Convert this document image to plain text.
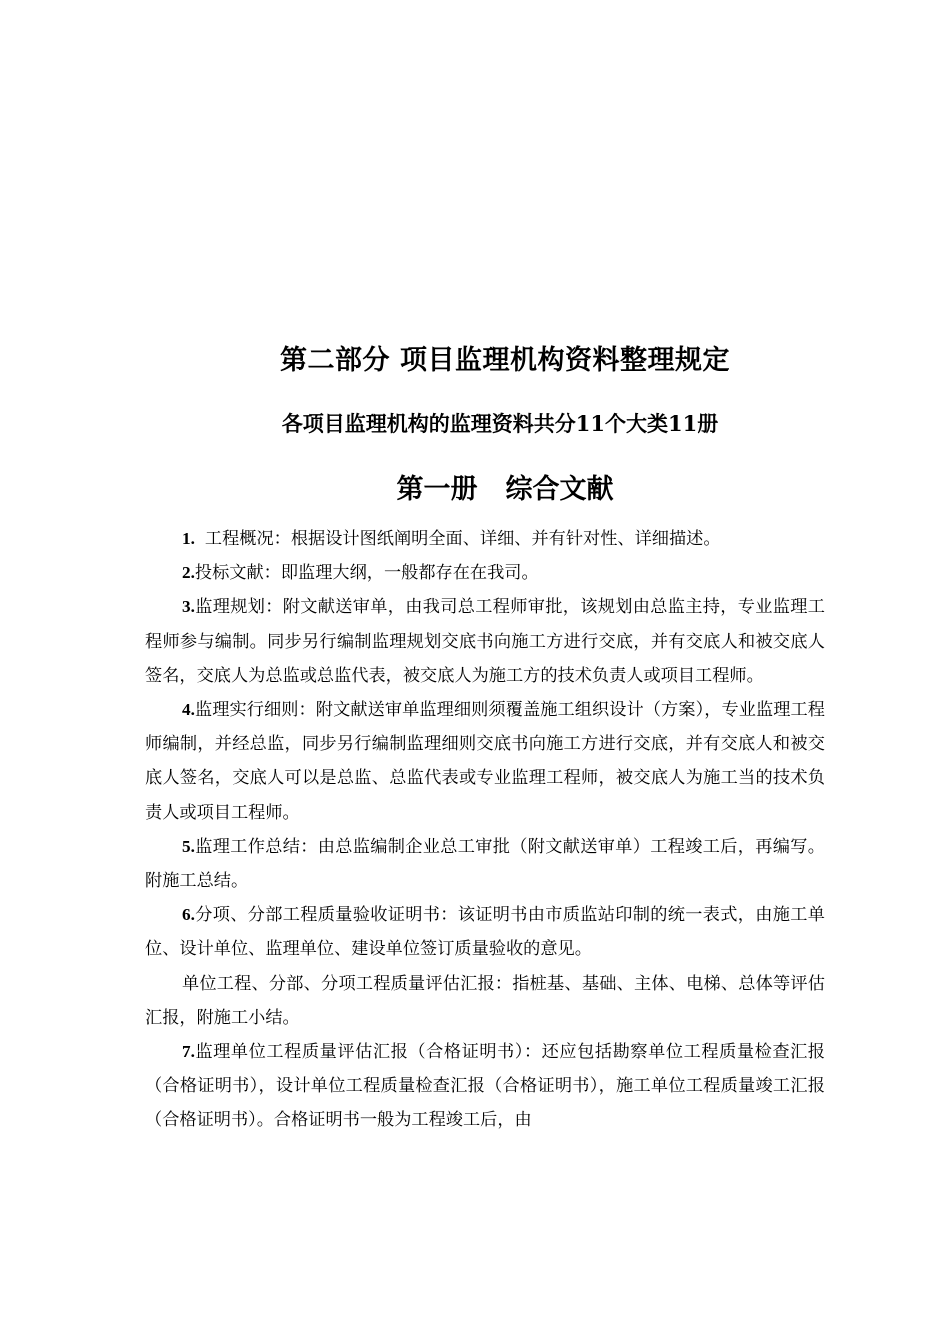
第二部分 项目监理机构资料整理规定
各项目监理机构的监理资料共分11个大类11册
第一册 综合文献

1. 工程概况：根据设计图纸阐明全面、详细、并有针对性、详细描述。

2.投标文献：即监理大纲，一般都存在在我司。

3.监理规划：附文献送审单，由我司总工程师审批，该规划由总监主持，专业监理工程师参与编制。同步另行编制监理规划交底书向施工方进行交底，并有交底人和被交底人签名，交底人为总监或总监代表，被交底人为施工方的技术负责人或项目工程师。

4.监理实行细则：附文献送审单监理细则须覆盖施工组织设计（方案），专业监理工程师编制，并经总监，同步另行编制监理细则交底书向施工方进行交底，并有交底人和被交底人签名，交底人可以是总监、总监代表或专业监理工程师，被交底人为施工当的技术负责人或项目工程师。

5.监理工作总结：由总监编制企业总工审批（附文献送审单）工程竣工后，再编写。附施工总结。

6.分项、分部工程质量验收证明书：该证明书由市质监站印制的统一表式，由施工单位、设计单位、监理单位、建设单位签订质量验收的意见。

单位工程、分部、分项工程质量评估汇报：指桩基、基础、主体、电梯、总体等评估汇报，附施工小结。

7.监理单位工程质量评估汇报（合格证明书）：还应包括勘察单位工程质量检查汇报（合格证明书），设计单位工程质量检查汇报（合格证明书），施工单位工程质量竣工汇报（合格证明书）。合格证明书一般为工程竣工后，由
